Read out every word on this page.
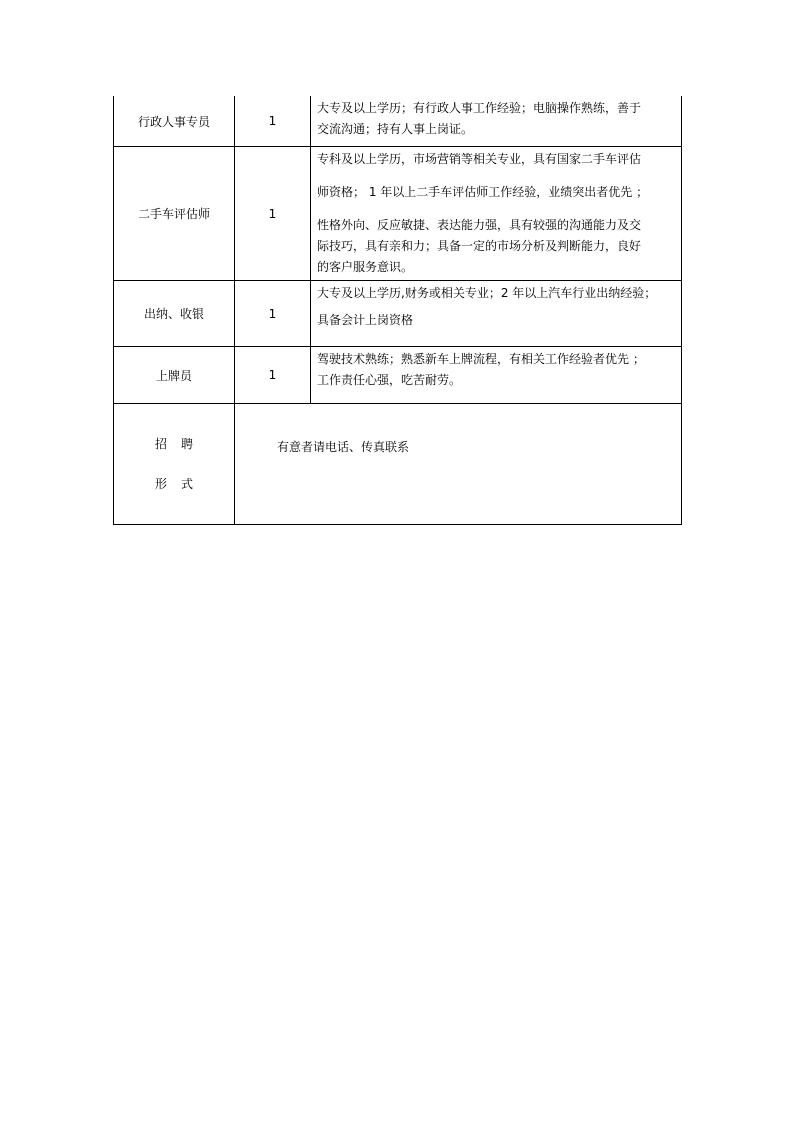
行政人事专员	1	大专及以上学历；有行政人事工作经验；电脑操作熟练，善于
交流沟通；持有人事上岗证。

二手车评估师	1	专科及以上学历，市场营销等相关专业，具有国家二手车评估
师资格； 1 年以上二手车评估师工作经验，业绩突出者优先 ；
性格外向、反应敏捷、表达能力强，具有较强的沟通能力及交
际技巧，具有亲和力；具备一定的市场分析及判断能力，良好
的客户服务意识。

出纳、收银	1	大专及以上学历,财务或相关专业；2 年以上汽车行业出纳经验；
具备会计上岗资格

上牌员	1	驾驶技术熟练；熟悉新车上牌流程，有相关工作经验者优先 ；
工作责任心强，吃苦耐劳。

招聘
形式	有意者请电话、传真联系	
